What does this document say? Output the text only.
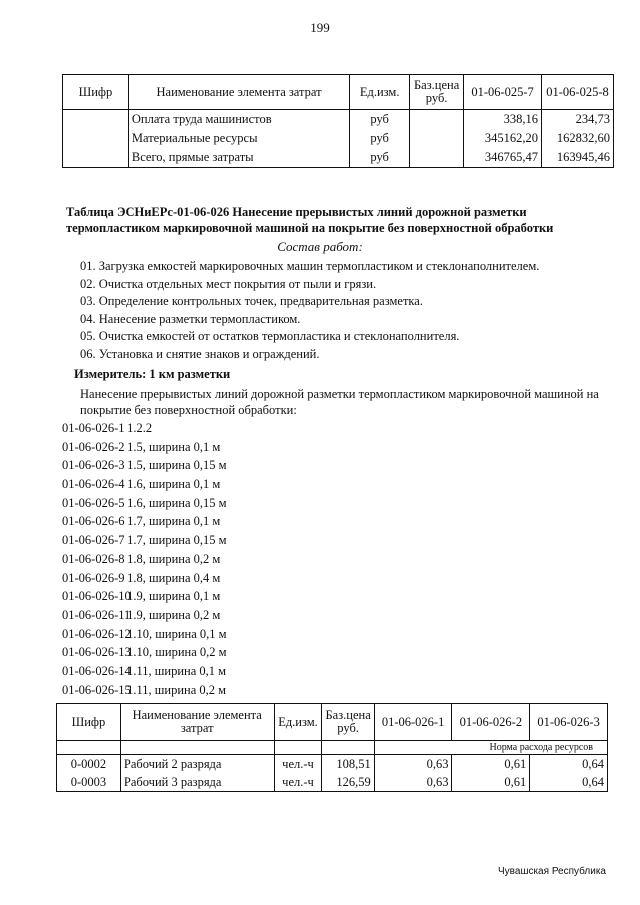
199
Шифр	Наименование элемента затрат	Ед.изм.	Баз.цена руб.	01-06-025-7	01-06-025-8
	Оплата труда машинистов	руб		338,16	234,73
	Материальные ресурсы	руб		345162,20	162832,60
	Всего, прямые затраты	руб		346765,47	163945,46
Таблица ЭСНиЕРс-01-06-026 Нанесение прерывистых линий дорожной разметки термопластиком маркировочной машиной на покрытие без поверхностной обработки
Состав работ:
01. Загрузка емкостей маркировочных машин термопластиком и стеклонаполнителем.
02. Очистка отдельных мест покрытия от пыли и грязи.
03. Определение контрольных точек, предварительная разметка.
04. Нанесение разметки термопластиком.
05. Очистка емкостей от остатков термопластика и стеклонаполнителя.
06. Установка и снятие знаков и ограждений.
Измеритель: 1 км разметки
Нанесение прерывистых линий дорожной разметки термопластиком маркировочной машиной на покрытие без поверхностной обработки:
01-06-026-1 1.2.2
01-06-026-2 1.5, ширина 0,1 м
01-06-026-3 1.5, ширина 0,15 м
01-06-026-4 1.6, ширина 0,1 м
01-06-026-5 1.6, ширина 0,15 м
01-06-026-6 1.7, ширина 0,1 м
01-06-026-7 1.7, ширина 0,15 м
01-06-026-8 1.8, ширина 0,2 м
01-06-026-9 1.8, ширина 0,4 м
01-06-026-10 1.9, ширина 0,1 м
01-06-026-11 1.9, ширина 0,2 м
01-06-026-12 1.10, ширина 0,1 м
01-06-026-13 1.10, ширина 0,2 м
01-06-026-14 1.11, ширина 0,1 м
01-06-026-15 1.11, ширина 0,2 м
Шифр	Наименование элемента затрат	Ед.изм.	Баз.цена руб.	01-06-026-1	01-06-026-2	01-06-026-3
				Норма расхода ресурсов		
0-0002	Рабочий 2 разряда	чел.-ч	108,51	0,63	0,61	0,64
0-0003	Рабочий 3 разряда	чел.-ч	126,59	0,63	0,61	0,64
Чувашская Республика
